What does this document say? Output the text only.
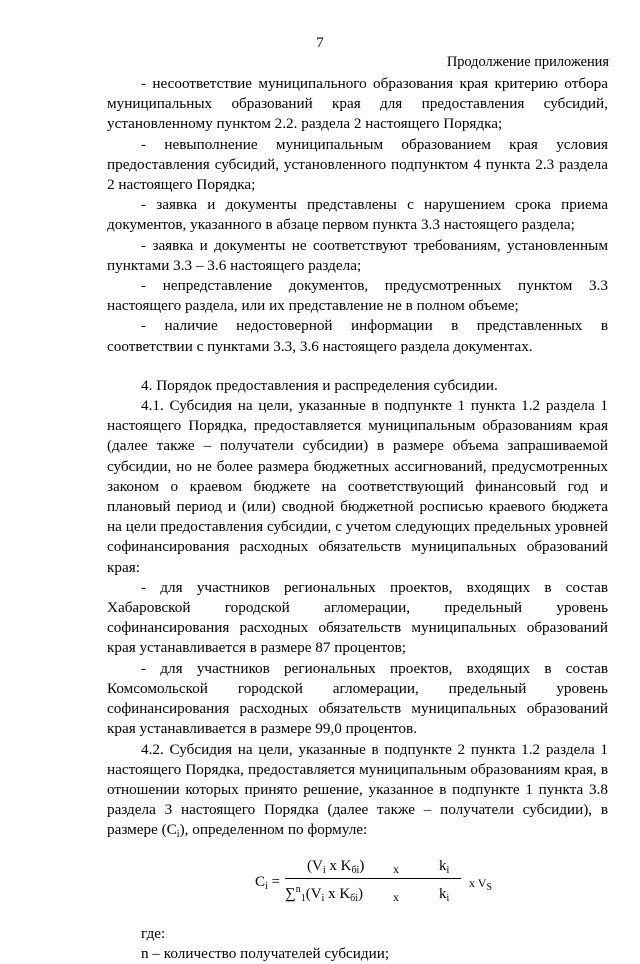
7
Продолжение приложения

- несоответствие муниципального образования края критерию отбора муниципальных образований края для предоставления субсидий, установленному пунктом 2.2. раздела 2 настоящего Порядка;

- невыполнение муниципальным образованием края условия предоставления субсидий, установленного подпунктом 4 пункта 2.3 раздела 2 настоящего Порядка;

- заявка и документы представлены с нарушением срока приема документов, указанного в абзаце первом пункта 3.3 настоящего раздела;

- заявка и документы не соответствуют требованиям, установленным пунктами 3.3 – 3.6 настоящего раздела;

- непредставление документов, предусмотренных пунктом 3.3 настоящего раздела, или их представление не в полном объеме;

- наличие недостоверной информации в представленных в соответствии с пунктами 3.3, 3.6 настоящего раздела документах.

4. Порядок предоставления и распределения субсидии.

4.1. Субсидия на цели, указанные в подпункте 1 пункта 1.2 раздела 1 настоящего Порядка, предоставляется муниципальным образованиям края (далее также – получатели субсидии) в размере объема запрашиваемой субсидии, но не более размера бюджетных ассигнований, предусмотренных законом о краевом бюджете на соответствующий финансовый год и плановый период и (или) сводной бюджетной росписью краевого бюджета на цели предоставления субсидии, с учетом следующих предельных уровней софинансирования расходных обязательств муниципальных образований края:

- для участников региональных проектов, входящих в состав Хабаровской городской агломерации, предельный уровень софинансирования расходных обязательств муниципальных образований края устанавливается в размере 87 процентов;

- для участников региональных проектов, входящих в состав Комсомольской городской агломерации, предельный уровень софинансирования расходных обязательств муниципальных образований края устанавливается в размере 99,0 процентов.

4.2. Субсидия на цели, указанные в подпункте 2 пункта 1.2 раздела 1 настоящего Порядка, предоставляется муниципальным образованиям края, в отношении которых принято решение, указанное в подпункте 1 пункта 3.8 раздела 3 настоящего Порядка (далее также – получатели субсидии), в размере $(C_i)$, определенном по формуле:

$C_i$ =
($V_i$ x $K_{бi}$) x	$k_i$
$\sum^n_1(V_i$ x $K_{бi}$) x	$k_i$
x $V_S$

где:

n – количество получателей субсидии;
